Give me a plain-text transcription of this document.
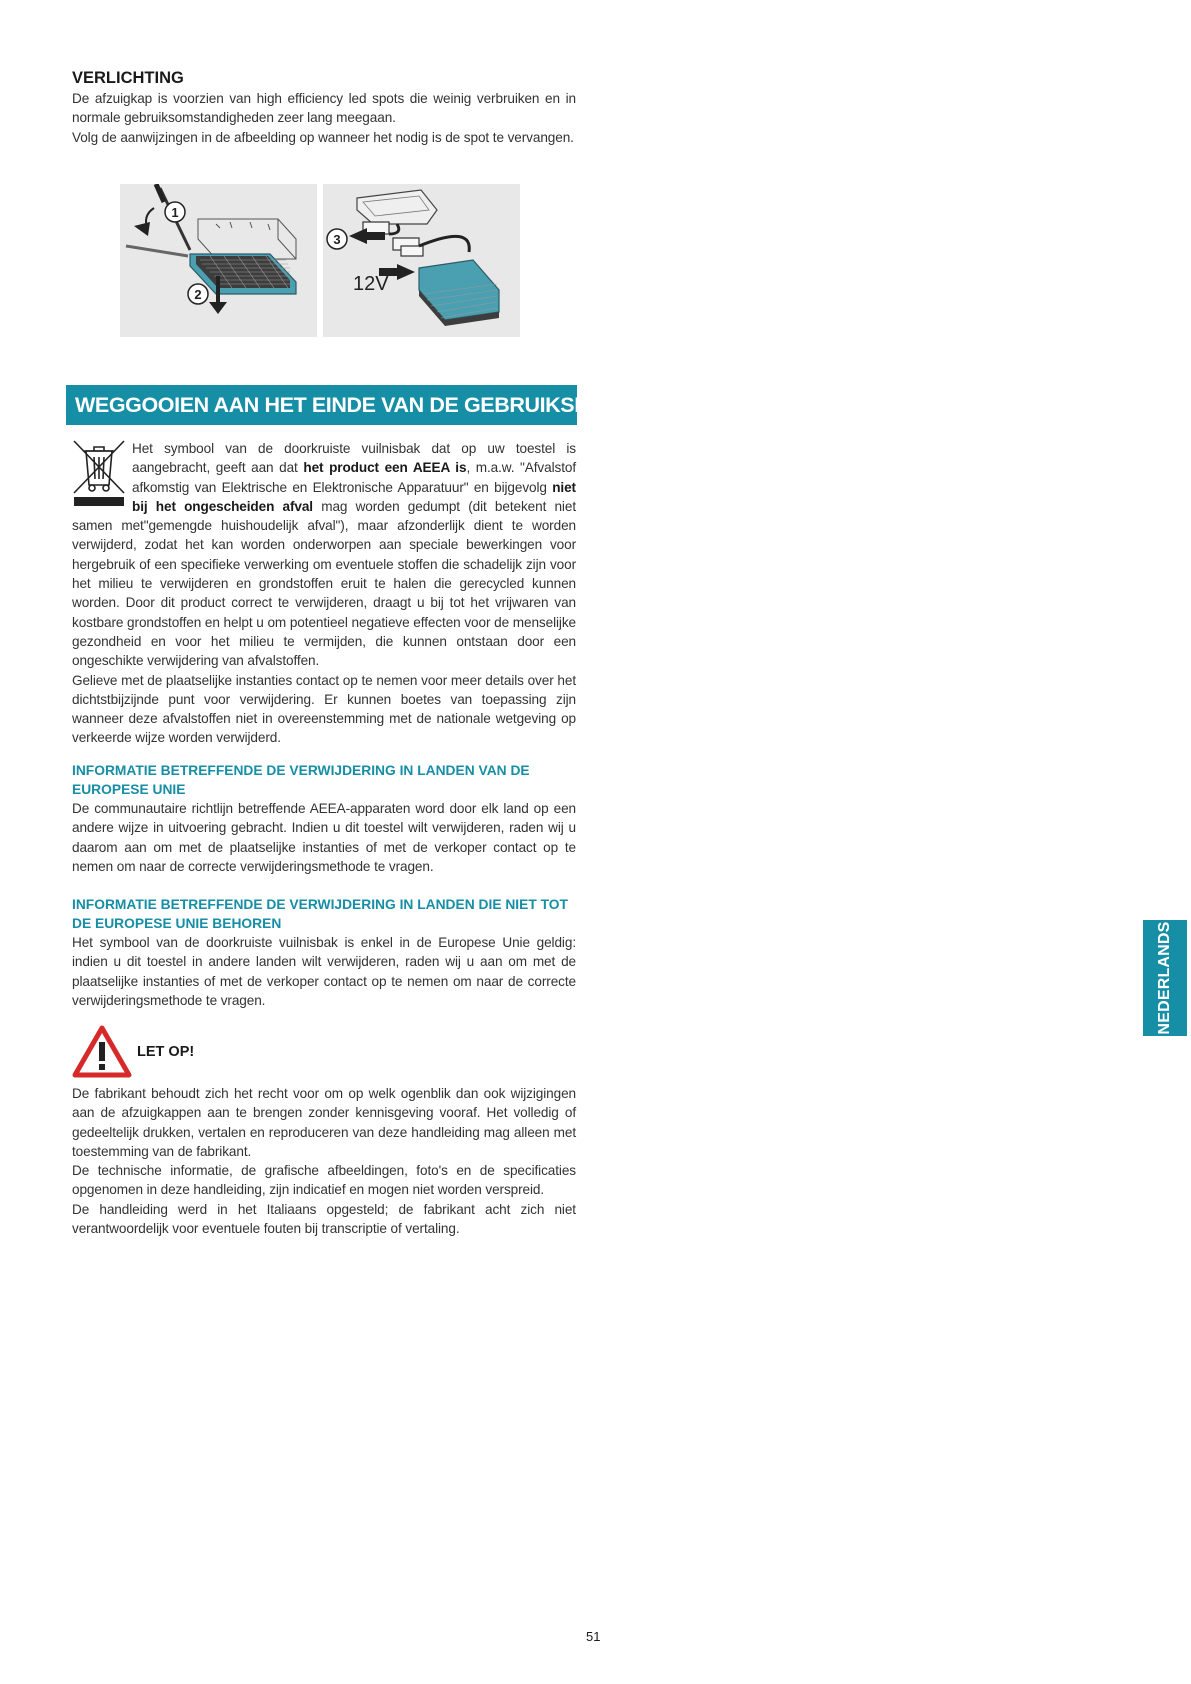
VERLICHTING

De afzuigkap is voorzien van high efficiency led spots die weinig verbruiken en in normale gebruiksomstandigheden zeer lang meegaan.

Volg de aanwijzingen in de afbeelding op wanneer het nodig is de spot te vervangen.

1
2
3
12V
WEGGOOIEN AAN HET EINDE VAN DE GEBRUIKSDUUR

Het symbool van de doorkruiste vuilnisbak dat op uw toestel is aangebracht, geeft aan dat het product een AEEA is, m.a.w. "Afvalstof afkomstig van Elektrische en Elektronische Apparatuur" en bijgevolg niet bij het ongescheiden afval mag worden gedumpt (dit betekent niet samen met"gemengde huishoudelijk afval"), maar afzonderlijk dient te worden verwijderd, zodat het kan worden onderworpen aan speciale bewerkingen voor hergebruik of een specifieke verwerking om eventuele stoffen die schadelijk zijn voor het milieu te verwijderen en grondstoffen eruit te halen die gerecycled kunnen worden. Door dit product correct te verwijderen, draagt u bij tot het vrijwaren van kostbare grondstoffen en helpt u om potentieel negatieve effecten voor de menselijke gezondheid en voor het milieu te vermijden, die kunnen ontstaan door een ongeschikte verwijdering van afvalstoffen.

Gelieve met de plaatselijke instanties contact op te nemen voor meer details over het dichtstbijzijnde punt voor verwijdering. Er kunnen boetes van toepassing zijn wanneer deze afvalstoffen niet in overeenstemming met de nationale wetgeving op verkeerde wijze worden verwijderd.

INFORMATIE BETREFFENDE DE VERWIJDERING IN LANDEN VAN DE EUROPESE UNIE

De communautaire richtlijn betreffende AEEA-apparaten word door elk land op een andere wijze in uitvoering gebracht. Indien u dit toestel wilt verwijderen, raden wij u daarom aan om met de plaatselijke instanties of met de verkoper contact op te nemen om naar de correcte verwijderingsmethode te vragen.

INFORMATIE BETREFFENDE DE VERWIJDERING IN LANDEN DIE NIET TOT DE EUROPESE UNIE BEHOREN

Het symbool van de doorkruiste vuilnisbak is enkel in de Europese Unie geldig: indien u dit toestel in andere landen wilt verwijderen, raden wij u aan om met de plaatselijke instanties of met de verkoper contact op te nemen om naar de correcte verwijderingsmethode te vragen.

LET OP!

De fabrikant behoudt zich het recht voor om op welk ogenblik dan ook wijzigingen aan de afzuigkappen aan te brengen zonder kennisgeving vooraf. Het volledig of gedeeltelijk drukken, vertalen en reproduceren van deze handleiding mag alleen met toestemming van de fabrikant.

De technische informatie, de grafische afbeeldingen, foto's en de specificaties opgenomen in deze handleiding, zijn indicatief en mogen niet worden verspreid.

De handleiding werd in het Italiaans opgesteld; de fabrikant acht zich niet verantwoordelijk voor eventuele fouten bij transcriptie of vertaling.

NEDERLANDS
51
